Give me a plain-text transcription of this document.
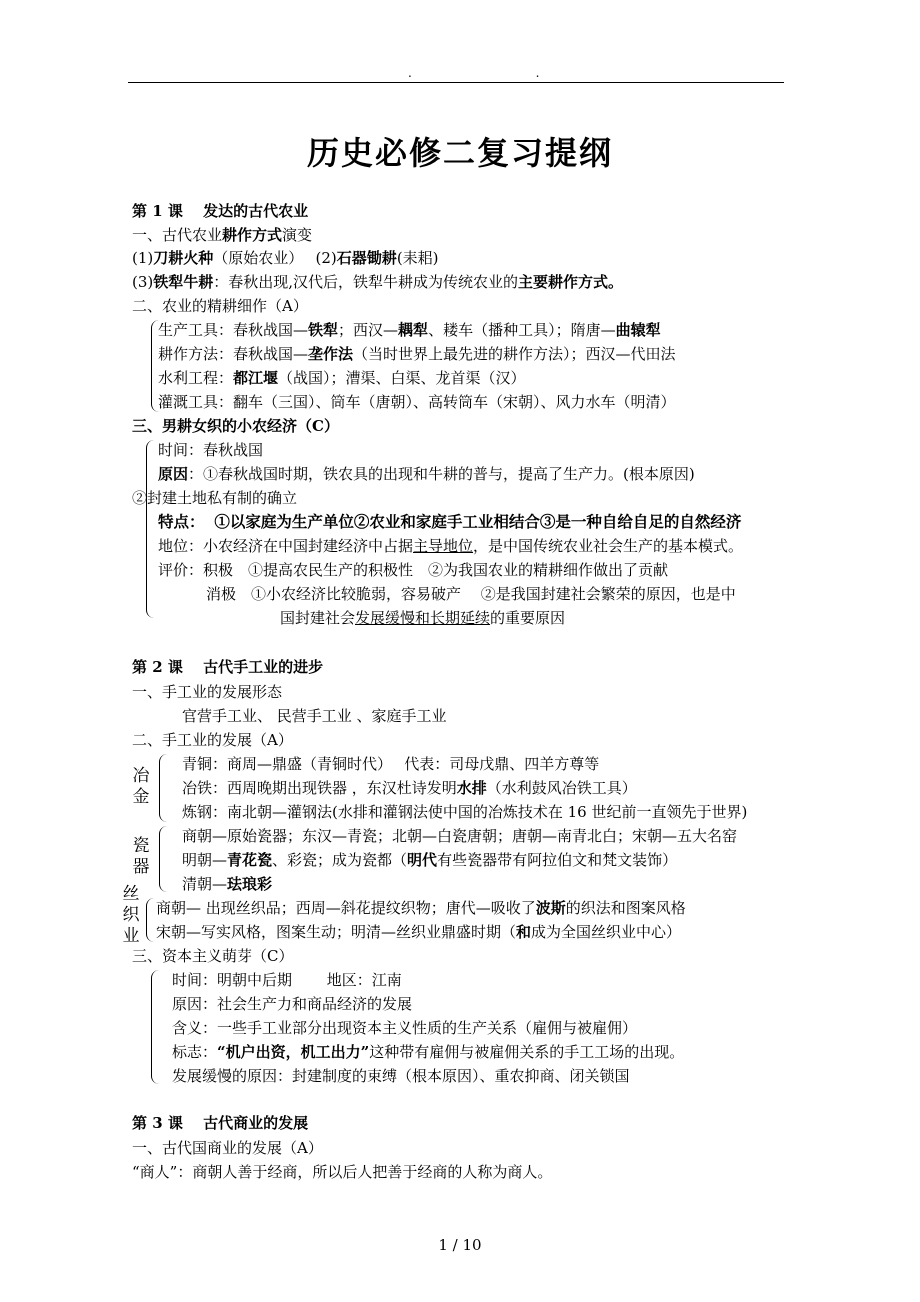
. .
历史必修二复习提纲
第 1 课　 发达的古代农业
一、古代农业耕作方式演变
(1)刀耕火种（原始农业）　 (2)石器锄耕(耒耜)
(3)铁犁牛耕：春秋出现,汉代后，铁犁牛耕成为传统农业的主要耕作方式。
二、农业的精耕细作（A）
生产工具：春秋战国—铁犁；西汉—耦犁、耧车（播种工具）；隋唐—曲辕犁
耕作方法：春秋战国—垄作法（当时世界上最先进的耕作方法）；西汉—代田法
水利工程：都江堰（战国）；漕渠、白渠、龙首渠（汉）
灌溉工具：翻车（三国）、筒车（唐朝）、高转筒车（宋朝）、风力水车（明清）
三、男耕女织的小农经济（C）
时间：春秋战国
原因：①春秋战国时期，铁农具的出现和牛耕的普与，提高了生产力。(根本原因)
②封建土地私有制的确立
特点： ①以家庭为生产单位②农业和家庭手工业相结合③是一种自给自足的自然经济
地位：小农经济在中国封建经济中占据主导地位，是中国传统农业社会生产的基本模式。
评价：积极　①提高农民生产的积极性　②为我国农业的精耕细作做出了贡献
消极　①小农经济比较脆弱，容易破产　 ②是我国封建社会繁荣的原因，也是中
国封建社会发展缓慢和长期延续的重要原因
第 2 课　 古代手工业的进步
一、手工业的发展形态
官营手工业、 民营手工业 、家庭手工业
二、手工业的发展（A）
冶
金
青铜：商周—鼎盛（青铜时代）　 代表：司母戊鼎、四羊方尊等
冶铁：西周晚期出现铁器 ，东汉杜诗发明水排（水利鼓风冶铁工具）
炼钢：南北朝—灌钢法(水排和灌钢法使中国的冶炼技术在 16 世纪前一直领先于世界)
瓷
器
商朝—原始瓷器；东汉—青瓷；北朝—白瓷唐朝；唐朝—南青北白；宋朝—五大名窑
明朝—青花瓷、彩瓷；成为瓷都（明代有些瓷器带有阿拉伯文和梵文装饰）
清朝—珐琅彩
丝
织
业
商朝— 出现丝织品；西周—斜花提纹织物；唐代—吸收了波斯的织法和图案风格
宋朝—写实风格，图案生动；明清—丝织业鼎盛时期（和成为全国丝织业中心）
三、资本主义萌芽（C）
时间：明朝中后期　　 地区：江南
原因：社会生产力和商品经济的发展
含义：一些手工业部分出现资本主义性质的生产关系（雇佣与被雇佣）
标志：“机户出资，机工出力”这种带有雇佣与被雇佣关系的手工工场的出现。
发展缓慢的原因：封建制度的束缚（根本原因）、重农抑商、闭关锁国
第 3 课　 古代商业的发展
一、古代国商业的发展（A）
“商人”：商朝人善于经商，所以后人把善于经商的人称为商人。
1 / 10
